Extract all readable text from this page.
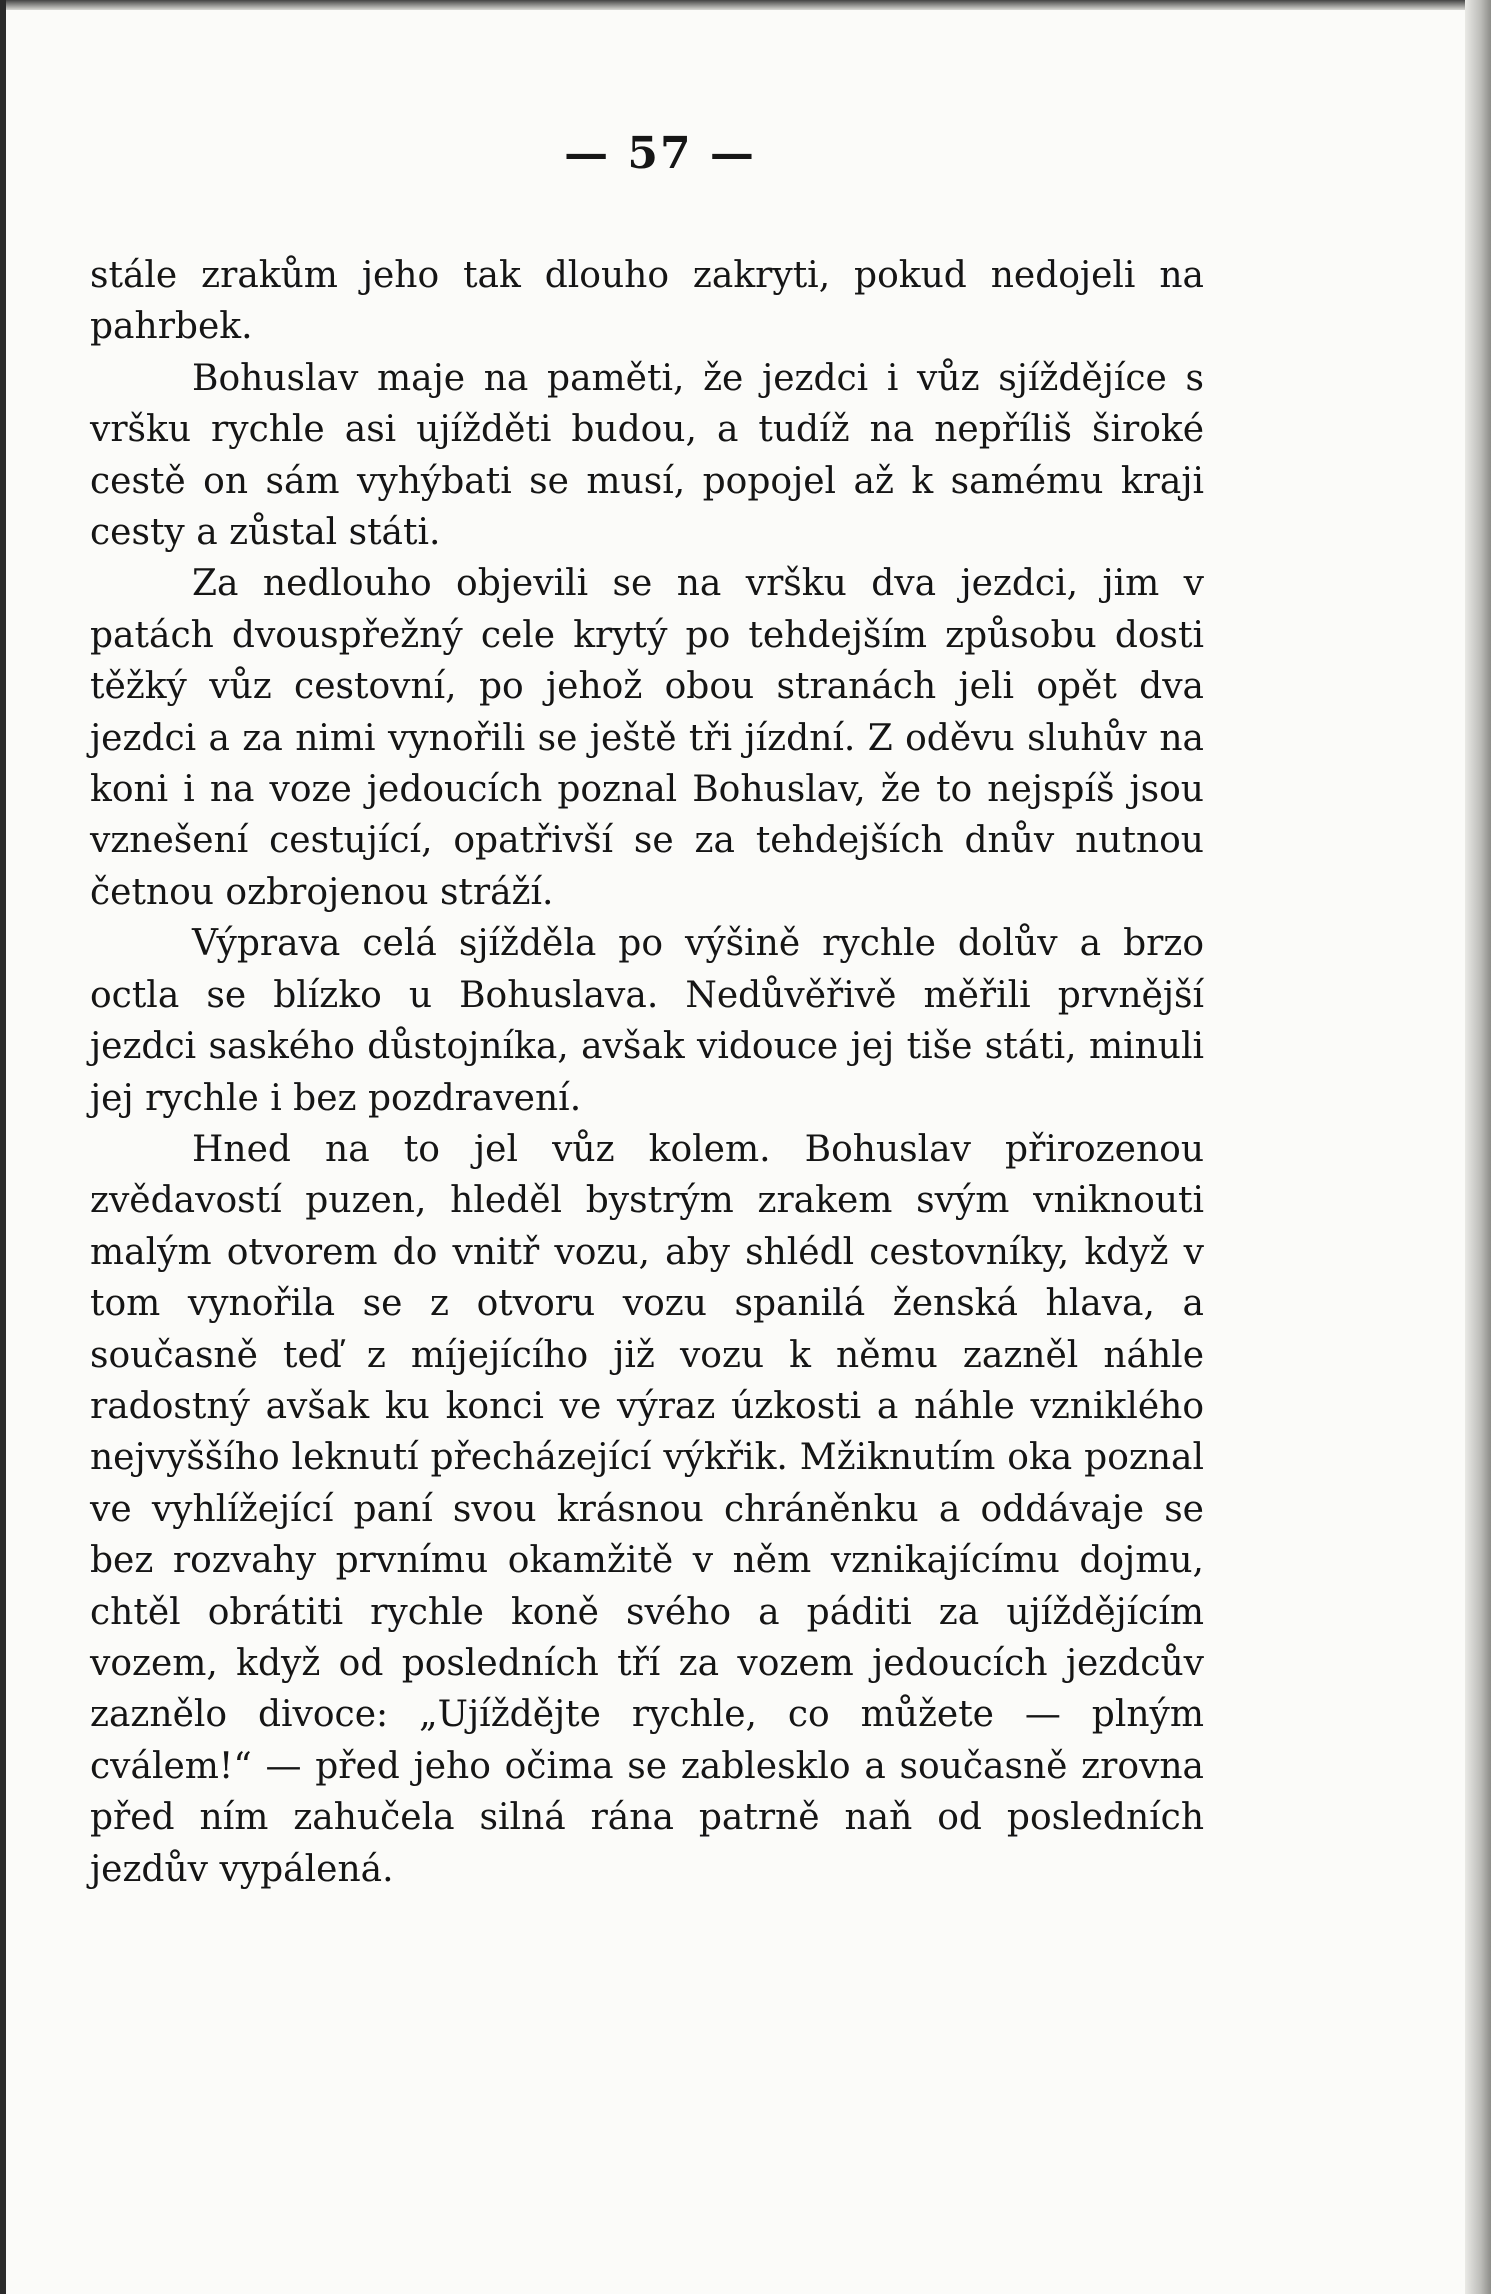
— 57 —

stále zrakům jeho tak dlouho zakryti, pokud nedojeli na pahrbek.

Bohuslav maje na paměti, že jezdci i vůz sjíždějíce s vršku rychle asi ujížděti budou, a tudíž na nepříliš široké cestě on sám vyhýbati se musí, popojel až k samému kraji cesty a zůstal státi.

Za nedlouho objevili se na vršku dva jezdci, jim v patách dvouspřežný cele krytý po tehdejším způsobu dosti těžký vůz cestovní, po jehož obou stranách jeli opět dva jezdci a za nimi vynořili se ještě tři jízdní. Z oděvu sluhův na koni i na voze jedoucích poznal Bohuslav, že to nejspíš jsou vznešení cestující, opatřivší se za tehdejších dnův nutnou četnou ozbrojenou stráží.

Výprava celá sjížděla po výšině rychle dolův a brzo octla se blízko u Bohuslava. Nedůvěřivě měřili prvnější jezdci saského důstojníka, avšak vidouce jej tiše státi, minuli jej rychle i bez pozdravení.

Hned na to jel vůz kolem. Bohuslav přirozenou zvědavostí puzen, hleděl bystrým zrakem svým vniknouti malým otvorem do vnitř vozu, aby shlédl cestovníky, když v tom vynořila se z otvoru vozu spanilá ženská hlava, a současně teď z míjejícího již vozu k němu zazněl náhle radostný avšak ku konci ve výraz úzkosti a náhle vzniklého nejvyššího leknutí přecházející výkřik. Mžiknutím oka poznal ve vyhlížející paní svou krásnou chráněnku a oddávaje se bez rozvahy prvnímu okamžitě v něm vznikajícímu dojmu, chtěl obrátiti rychle koně svého a páditi za ujíždějícím vozem, když od posledních tří za vozem jedoucích jezdcův zaznělo divoce: „Ujíždějte rychle, co můžete — plným cválem!“ — před jeho očima se zablesklo a současně zrovna před ním zahučela silná rána patrně naň od posledních jezdův vypálená.
